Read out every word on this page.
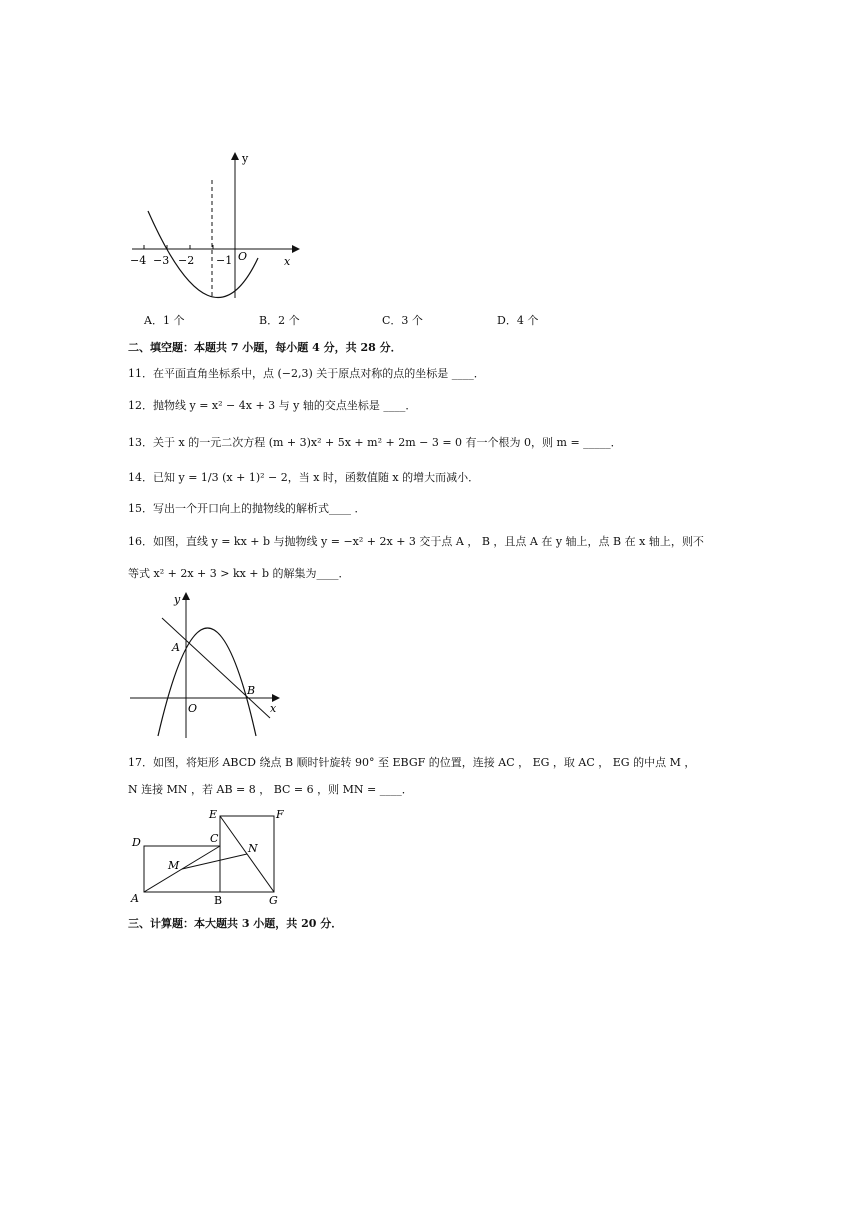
−4 −3 −2 −1 O	x
y
A．1 个	B．2 个	C．3 个	D．4 个
二、填空题：本题共 7 小题，每小题 4 分，共 28 分．
11．在平面直角坐标系中，点 (−2,3) 关于原点对称的点的坐标是 ____．
12．抛物线 y = x² − 4x + 3 与 y 轴的交点坐标是 ____．
13．关于 x 的一元二次方程 (m + 3)x² + 5x + m² + 2m − 3 = 0 有一个根为 0，则 m = _____．
14．已知 y = 1/3 (x + 1)² − 2，当 x 时，函数值随 x 的增大而减小．
15．写出一个开口向上的抛物线的解析式____ ．
16．如图，直线 y = kx + b 与抛物线 y = −x² + 2x + 3 交于点 A ， B ，且点 A 在 y 轴上，点 B 在 x 轴上，则不
等式 x² + 2x + 3 > kx + b 的解集为____．
A
B
O	x
y
17．如图，将矩形 ABCD 绕点 B 顺时针旋转 90° 至 EBGF 的位置，连接 AC ， EG ，取 AC ， EG 的中点 M ，
N 连接 MN ，若 AB = 8 ， BC = 6 ，则 MN = ____．
D
E	F
C
N
M
A	B	G
三、计算题：本大题共 3 小题，共 20 分．
